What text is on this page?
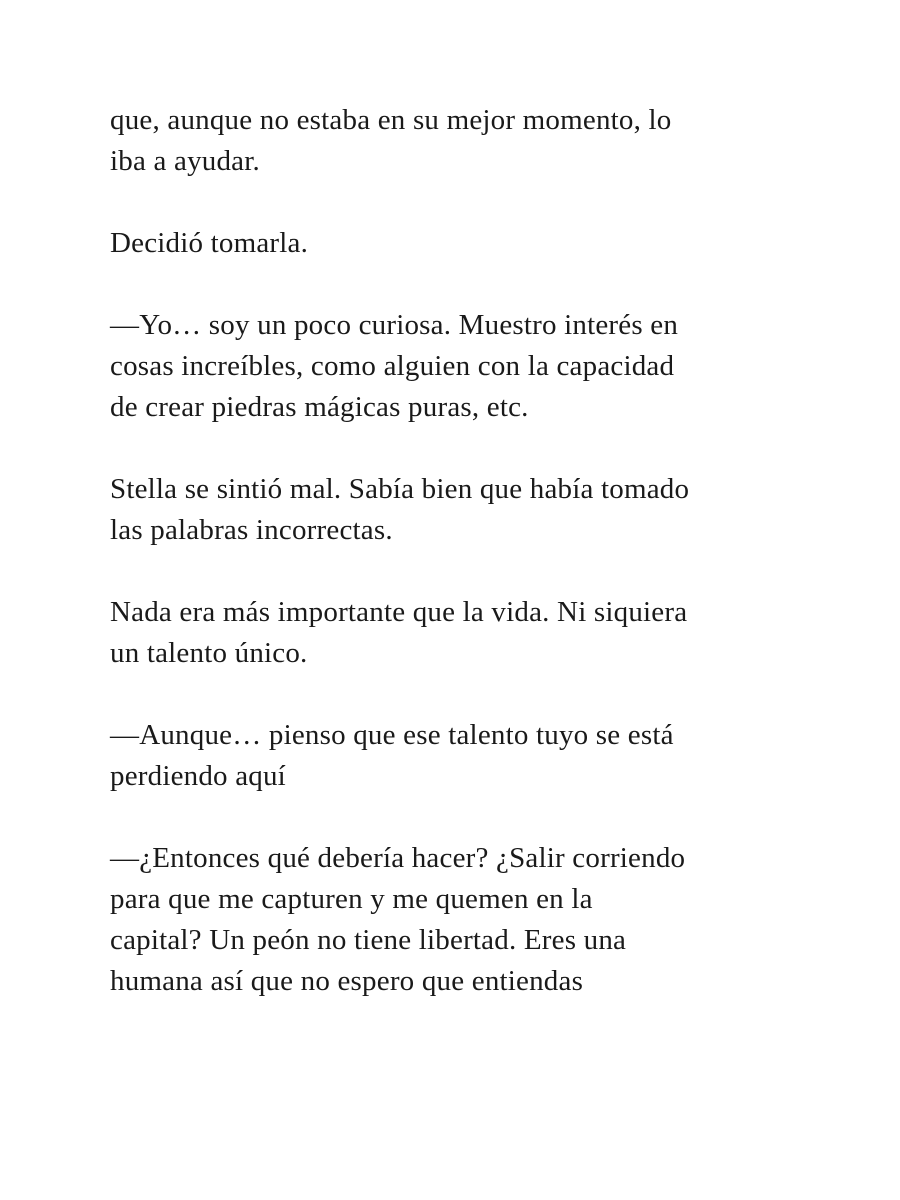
que, aunque no estaba en su mejor momento, lo
iba a ayudar.

Decidió tomarla.

—Yo… soy un poco curiosa. Muestro interés en
cosas increíbles, como alguien con la capacidad
de crear piedras mágicas puras, etc.

Stella se sintió mal. Sabía bien que había tomado
las palabras incorrectas.

Nada era más importante que la vida. Ni siquiera
un talento único.

—Aunque… pienso que ese talento tuyo se está
perdiendo aquí

—¿Entonces qué debería hacer? ¿Salir corriendo
para que me capturen y me quemen en la
capital? Un peón no tiene libertad. Eres una
humana así que no espero que entiendas
